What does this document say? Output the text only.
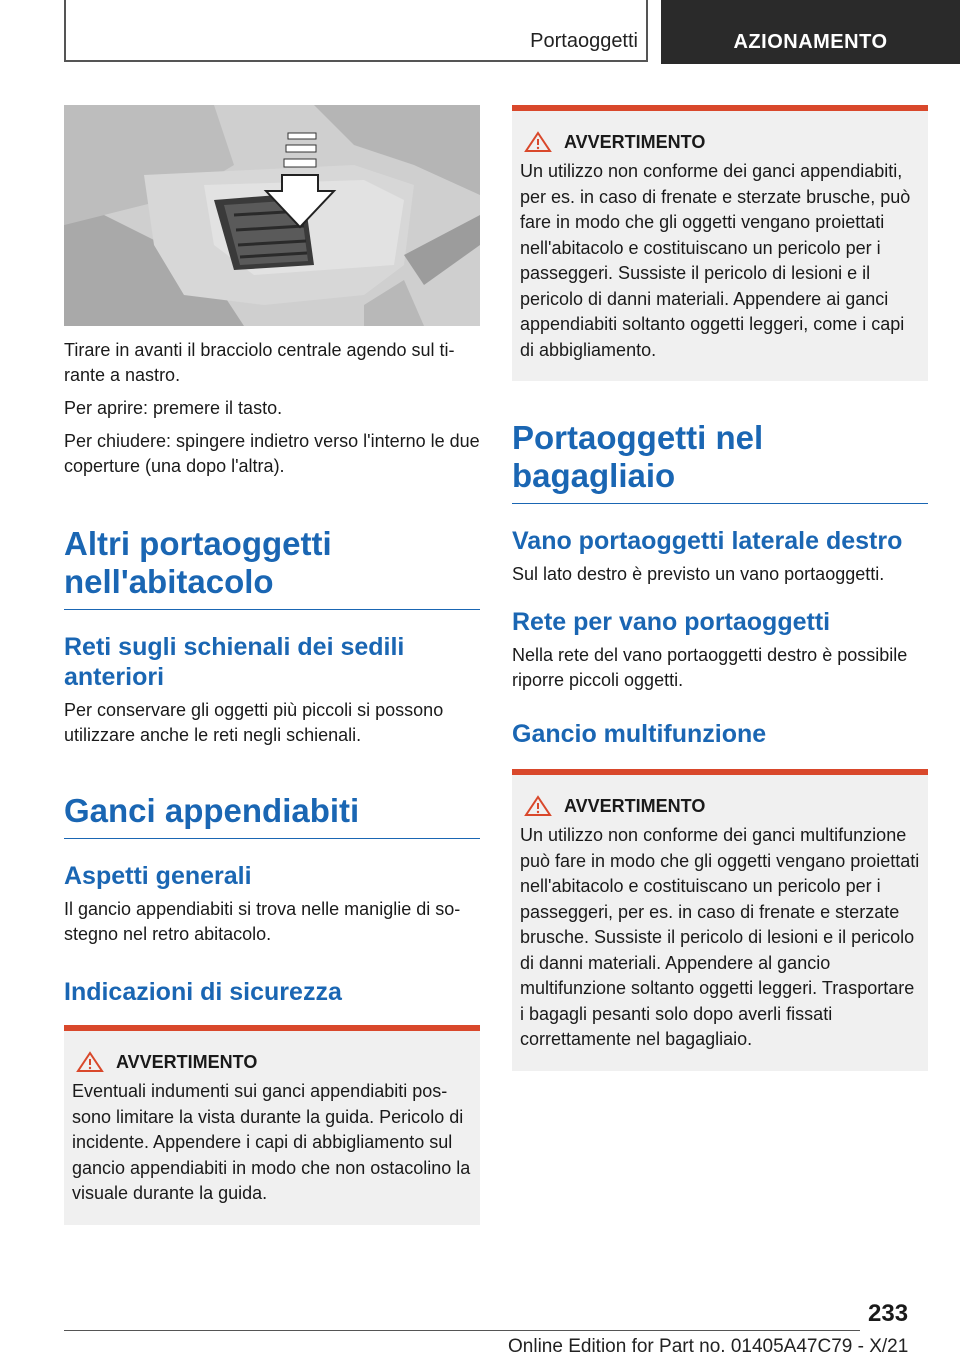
Portaoggetti	AZIONAMENTO

Tirare in avanti il bracciolo centrale agendo sul tirante a nastro.

Per aprire: premere il tasto.

Per chiudere: spingere indietro verso l'interno le due coperture (una dopo l'altra).

Altri portaoggetti nell'abitacolo
Reti sugli schienali dei sedili anteriori

Per conservare gli oggetti più piccoli si possono utilizzare anche le reti negli schienali.

Ganci appendiabiti
Aspetti generali

Il gancio appendiabiti si trova nelle maniglie di sostegno nel retro abitacolo.

Indicazioni di sicurezza
AVVERTIMENTO

Eventuali indumenti sui ganci appendiabiti possono limitare la vista durante la guida. Pericolo di incidente. Appendere i capi di abbigliamento sul gancio appendiabiti in modo che non ostacolino la visuale durante la guida.

AVVERTIMENTO

Un utilizzo non conforme dei ganci appendiabiti, per es. in caso di frenate e sterzate brusche, può fare in modo che gli oggetti vengano proiettati nell'abitacolo e costituiscano un pericolo per i passeggeri. Sussiste il pericolo di lesioni e il pericolo di danni materiali. Appendere ai ganci appendiabiti soltanto oggetti leggeri, come i capi di abbigliamento.

Portaoggetti nel bagagliaio
Vano portaoggetti laterale destro

Sul lato destro è previsto un vano portaoggetti.

Rete per vano portaoggetti

Nella rete del vano portaoggetti destro è possibile riporre piccoli oggetti.

Gancio multifunzione
AVVERTIMENTO

Un utilizzo non conforme dei ganci multifunzione può fare in modo che gli oggetti vengano proiettati nell'abitacolo e costituiscano un pericolo per i passeggeri, per es. in caso di frenate e sterzate brusche. Sussiste il pericolo di lesioni e il pericolo di danni materiali. Appendere al gancio multifunzione soltanto oggetti leggeri. Trasportare i bagagli pesanti solo dopo averli fissati correttamente nel bagagliaio.

233
Online Edition for Part no. 01405A47C79 - X/21
